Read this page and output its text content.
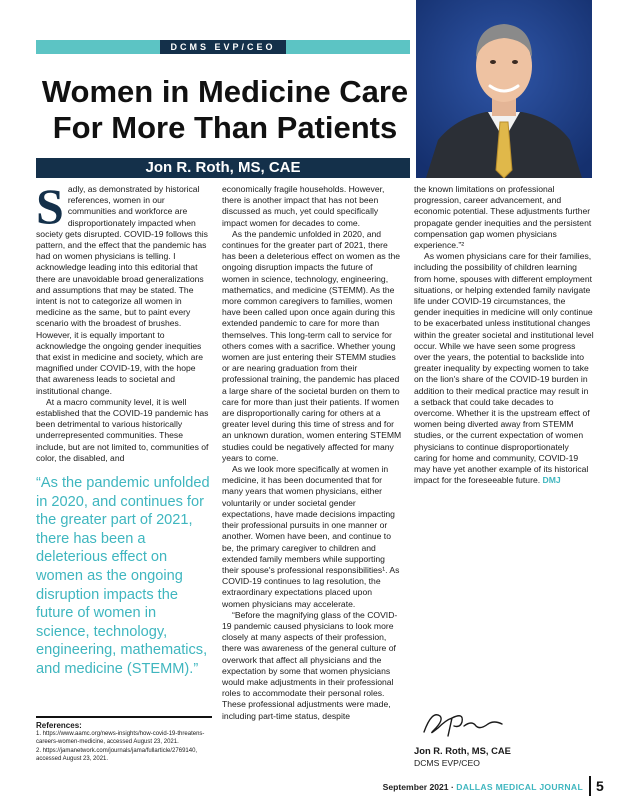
DCMS EVP/CEO
Women in Medicine Care
For More Than Patients
Jon R. Roth, MS, CAE
S adly, as demonstrated by historical references, women in our communities and workforce are disproportionately impacted when society gets disrupted. COVID-19 follows this pattern, and the effect that the pandemic has had on women physicians is telling. I acknowledge leading into this editorial that there are unavoidable broad generalizations and assumptions that may be stated. The intent is not to categorize all women in medicine as the same, but to paint every scenario with the broadest of brushes. However, it is equally important to acknowledge the ongoing gender inequities that exist in medicine and society, which are magnified under COVID-19, with the hope that awareness leads to societal and institutional change.

At a macro community level, it is well established that the COVID-19 pandemic has been detrimental to various historically underrepresented communities. These include, but are not limited to, communities of color, the disabled, and

“As the pandemic unfolded in 2020, and continues for the greater part of 2021, there has been a deleterious effect on women as the ongoing disruption impacts the future of women in science, technology, engineering, mathematics, and medicine (STEMM).”

economically fragile households. However, there is another impact that has not been discussed as much, yet could specifically impact women for decades to come.

As the pandemic unfolded in 2020, and continues for the greater part of 2021, there has been a deleterious effect on women as the ongoing disruption impacts the future of women in science, technology, engineering, mathematics, and medicine (STEMM). As the more common caregivers to families, women have been called upon once again during this extended pandemic to care for more than themselves. This long-term call to service for others comes with a sacrifice. Whether young women are just entering their STEMM studies or are nearing graduation from their professional training, the pandemic has placed a large share of the societal burden on them to care for more than just their patients. If women are disproportionally caring for others at a greater level during this time of stress and for an unknown duration, women entering STEMM studies could be negatively affected for many years to come.

As we look more specifically at women in medicine, it has been documented that for many years that women physicians, either voluntarily or under societal gender expectations, have made decisions impacting their professional pursuits in one manner or another. Women have been, and continue to be, the primary caregiver to children and extended family members while supporting their spouse's professional responsibilities¹. As COVID-19 continues to lag resolution, the extraordinary expectations placed upon women physicians may accelerate.

“Before the magnifying glass of the COVID-19 pandemic caused physicians to look more closely at many aspects of their profession, there was awareness of the general culture of overwork that affect all physicians and the expectation by some that women physicians would make adjustments in their professional roles to accommodate their personal roles. These professional adjustments were made, including part-time status, despite

the known limitations on professional progression, career advancement, and economic potential. These adjustments further propagate gender inequities and the persistent compensation gap women physicians experience.”²

As women physicians care for their families, including the possibility of children learning from home, spouses with different employment situations, or helping extended family navigate life under COVID-19 circumstances, the gender inequities in medicine will only continue to be exacerbated unless institutional changes within the greater societal and institutional level occur. While we have seen some progress over the years, the potential to backslide into greater inequality by expecting women to take on the lion's share of the COVID-19 burden in addition to their medical practice may result in a setback that could take decades to overcome. Whether it is the upstream effect of women being diverted away from STEMM studies, or the current expectation of women physicians to continue disproportionately caring for home and community, COVID-19 may have yet another example of its historical impact for the foreseeable future. DMJ

References:
1. https://www.aamc.org/news-insights/how-covid-19-threatens-careers-women-medicine, accessed August 23, 2021.
2. https://jamanetwork.com/journals/jama/fullarticle/2769140, accessed August 23, 2021.
Jon R. Roth, MS, CAE
DCMS EVP/CEO
September 2021 · DALLAS MEDICAL JOURNAL 5
